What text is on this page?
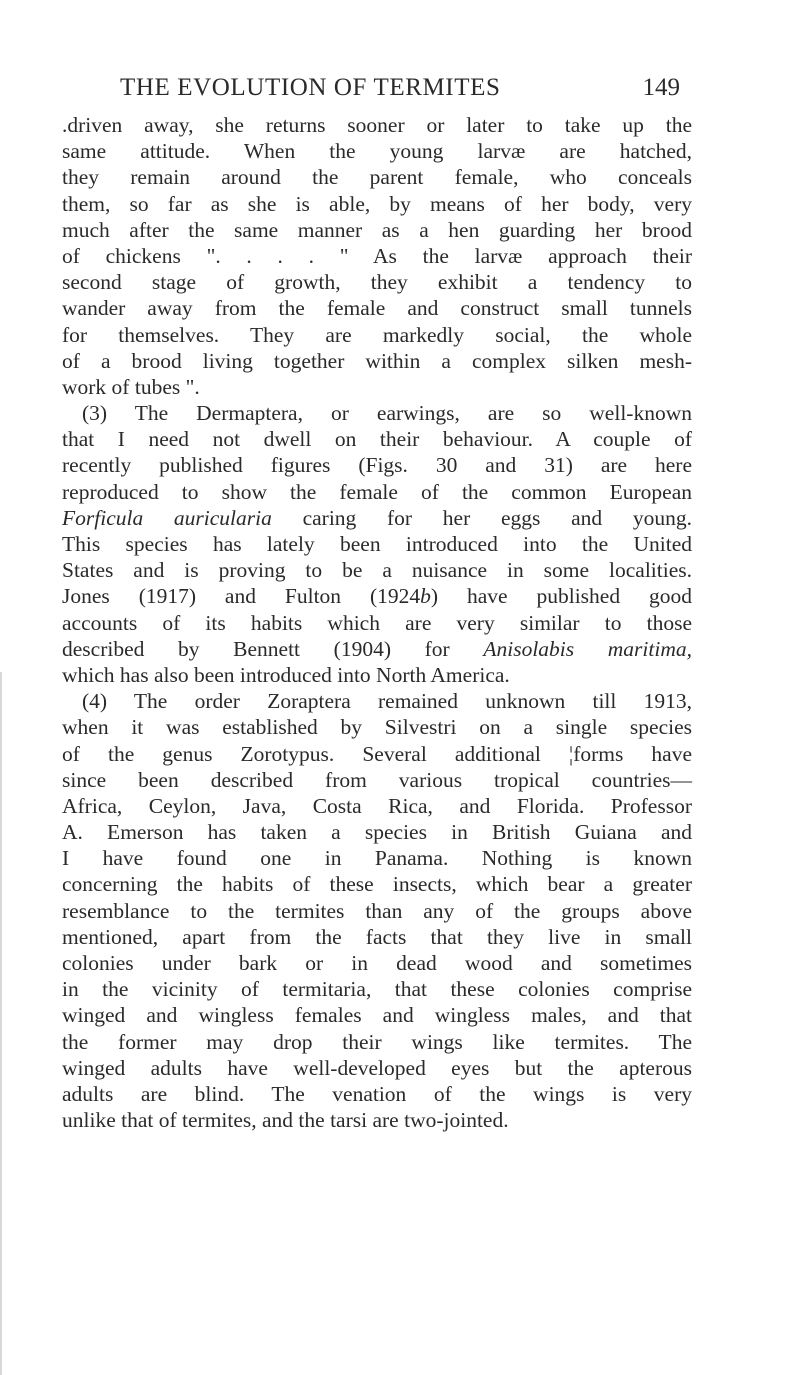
THE EVOLUTION OF TERMITES	149
.driven away, she returns sooner or later to take up the
same attitude. When the young larvæ are hatched,
they remain around the parent female, who conceals
them, so far as she is able, by means of her body, very
much after the same manner as a hen guarding her brood
of chickens ". . . . " As the larvæ approach their
second stage of growth, they exhibit a tendency to
wander away from the female and construct small tunnels
for themselves. They are markedly social, the whole
of a brood living together within a complex silken mesh-
work of tubes ".
(3) The Dermaptera, or earwings, are so well-known
that I need not dwell on their behaviour. A couple of
recently published figures (Figs. 30 and 31) are here
reproduced to show the female of the common European
Forficula auricularia caring for her eggs and young.
This species has lately been introduced into the United
States and is proving to be a nuisance in some localities.
Jones (1917) and Fulton (1924b) have published good
accounts of its habits which are very similar to those
described by Bennett (1904) for Anisolabis maritima,
which has also been introduced into North America.
(4) The order Zoraptera remained unknown till 1913,
when it was established by Silvestri on a single species
of the genus Zorotypus. Several additional ¦forms have
since been described from various tropical countries—
Africa, Ceylon, Java, Costa Rica, and Florida. Professor
A. Emerson has taken a species in British Guiana and
I have found one in Panama. Nothing is known
concerning the habits of these insects, which bear a greater
resemblance to the termites than any of the groups above
mentioned, apart from the facts that they live in small
colonies under bark or in dead wood and sometimes
in the vicinity of termitaria, that these colonies comprise
winged and wingless females and wingless males, and that
the former may drop their wings like termites. The
winged adults have well-developed eyes but the apterous
adults are blind. The venation of the wings is very
unlike that of termites, and the tarsi are two-jointed.
